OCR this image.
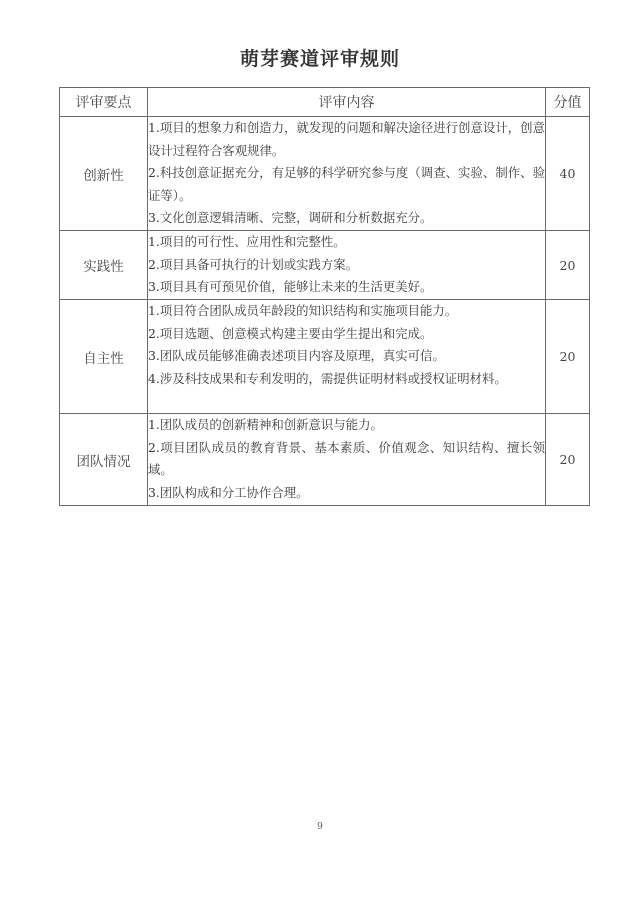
萌芽赛道评审规则
评审要点	评审内容	分值
创新性	1.项目的想象力和创造力，就发现的问题和解决途径进行创意设计，创意设计过程符合客观规律。
2.科技创意证据充分，有足够的科学研究参与度（调查、实验、制作、验证等）。
3.文化创意逻辑清晰、完整，调研和分析数据充分。	40
实践性	1.项目的可行性、应用性和完整性。
2.项目具备可执行的计划或实践方案。
3.项目具有可预见价值，能够让未来的生活更美好。	20
自主性	1.项目符合团队成员年龄段的知识结构和实施项目能力。
2.项目选题、创意模式构建主要由学生提出和完成。
3.团队成员能够准确表述项目内容及原理，真实可信。
4.涉及科技成果和专利发明的，需提供证明材料或授权证明材料。	20
团队情况	1.团队成员的创新精神和创新意识与能力。
2.项目团队成员的教育背景、基本素质、价值观念、知识结构、擅长领域。
3.团队构成和分工协作合理。	20
9
